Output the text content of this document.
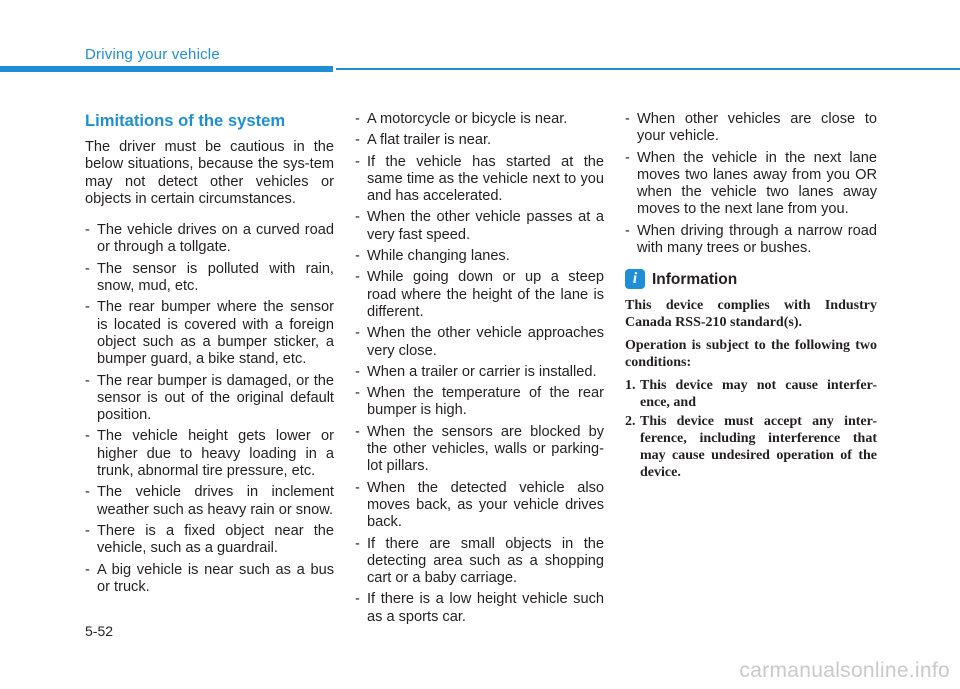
Driving your vehicle
Limitations of the system

The driver must be cautious in the below situations, because the sys-tem may not detect other vehicles or objects in certain circumstances.

- The vehicle drives on a curved road or through a tollgate.
- The sensor is polluted with rain, snow, mud, etc.
- The rear bumper where the sensor is located is covered with a foreign object such as a bumper sticker, a bumper guard, a bike stand, etc.
- The rear bumper is damaged, or the sensor is out of the original default position.
- The vehicle height gets lower or higher due to heavy loading in a trunk, abnormal tire pressure, etc.
- The vehicle drives in inclement weather such as heavy rain or snow.
- There is a fixed object near the vehicle, such as a guardrail.
- A big vehicle is near such as a bus or truck.
- A motorcycle or bicycle is near.
- A flat trailer is near.
- If the vehicle has started at the same time as the vehicle next to you and has accelerated.
- When the other vehicle passes at a very fast speed.
- While changing lanes.
- While going down or up a steep road where the height of the lane is different.
- When the other vehicle approaches very close.
- When a trailer or carrier is installed.
- When the temperature of the rear bumper is high.
- When the sensors are blocked by the other vehicles, walls or parking-lot pillars.
- When the detected vehicle also moves back, as your vehicle drives back.
- If there are small objects in the detecting area such as a shopping cart or a baby carriage.
- If there is a low height vehicle such as a sports car.
- When other vehicles are close to your vehicle.
- When the vehicle in the next lane moves two lanes away from you OR when the vehicle two lanes away moves to the next lane from you.
- When driving through a narrow road with many trees or bushes.
i Information

This device complies with Industry Canada RSS-210 standard(s).

Operation is subject to the following two conditions:

1. This device may not cause interfer-ence, and
2. This device must accept any inter-ference, including interference that may cause undesired operation of the device.
5-52
carmanualsonline.info
